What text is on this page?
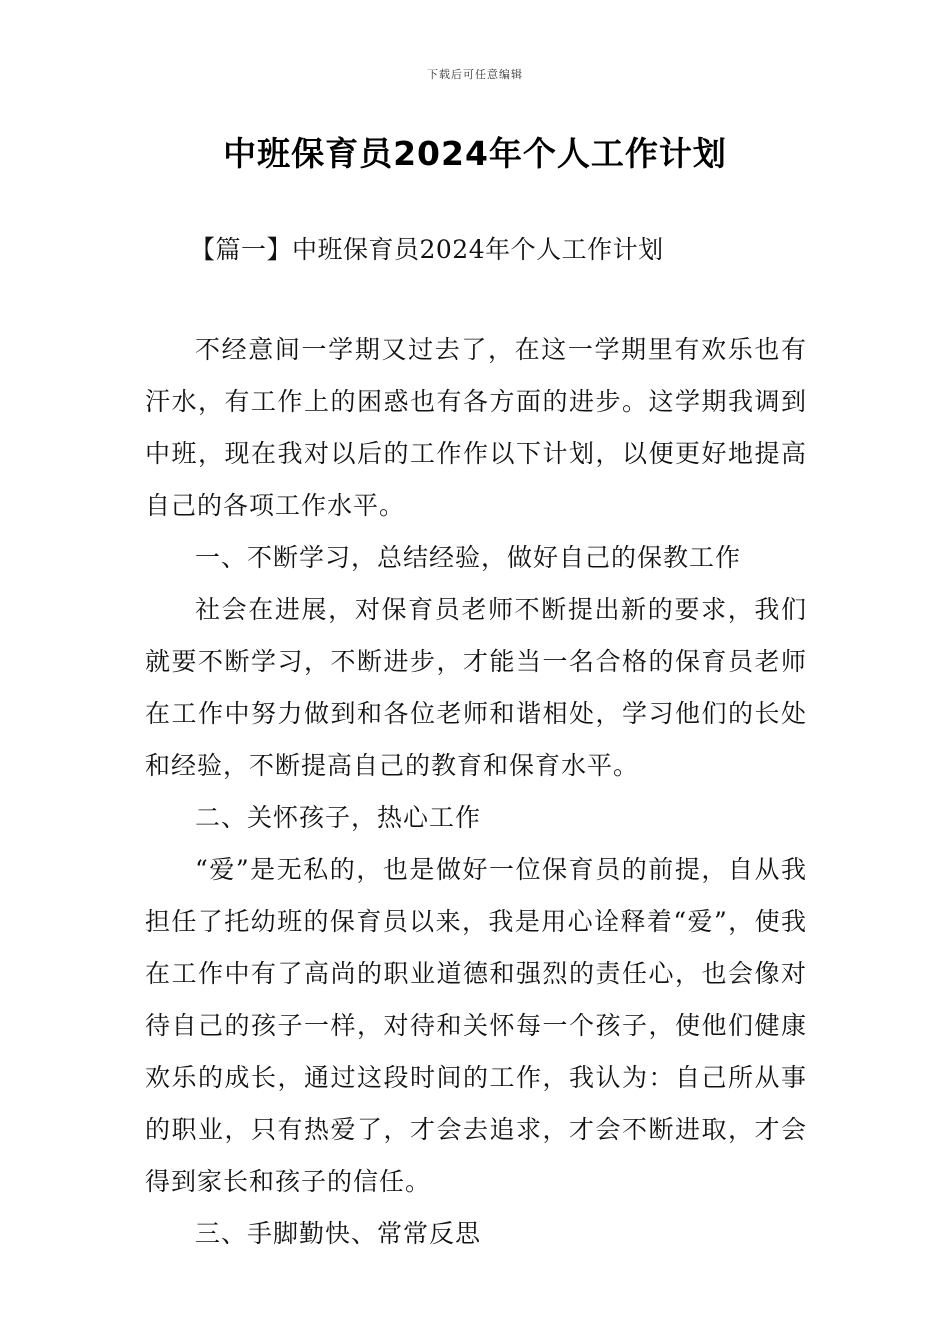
下载后可任意编辑
中班保育员2024年个人工作计划
【篇一】中班保育员2024年个人工作计划

不经意间一学期又过去了，在这一学期里有欢乐也有汗水，有工作上的困惑也有各方面的进步。这学期我调到中班，现在我对以后的工作作以下计划，以便更好地提高自己的各项工作水平。

一、不断学习，总结经验，做好自己的保教工作

社会在进展，对保育员老师不断提出新的要求，我们就要不断学习，不断进步，才能当一名合格的保育员老师在工作中努力做到和各位老师和谐相处，学习他们的长处和经验，不断提高自己的教育和保育水平。

二、关怀孩子，热心工作

“爱”是无私的，也是做好一位保育员的前提，自从我担任了托幼班的保育员以来，我是用心诠释着“爱”，使我在工作中有了高尚的职业道德和强烈的责任心，也会像对待自己的孩子一样，对待和关怀每一个孩子，使他们健康欢乐的成长，通过这段时间的工作，我认为：自己所从事的职业，只有热爱了，才会去追求，才会不断进取，才会得到家长和孩子的信任。

三、手脚勤快、常常反思
